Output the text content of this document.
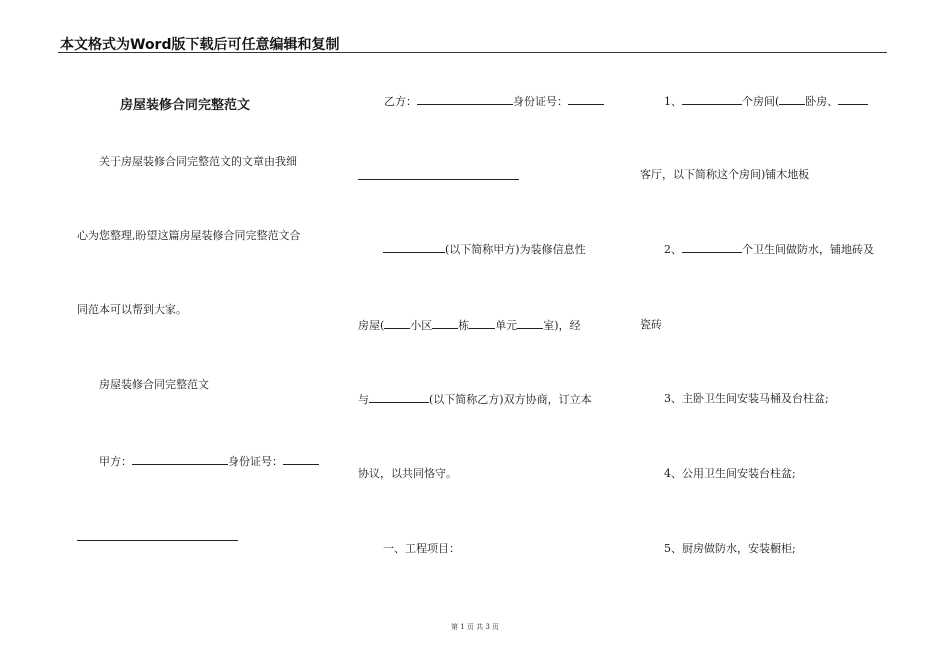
本文格式为Word版下载后可任意编辑和复制
房屋装修合同完整范文
关于房屋装修合同完整范文的文章由我细
心为您整理,盼望这篇房屋装修合同完整范文合
同范本可以帮到大家。
房屋装修合同完整范文
甲方：	身份证号：
乙方：	身份证号：
(以下简称甲方)为装修信息性
房屋( 小区 栋 单元 室)，经
与	(以下简称乙方)双方协商，订立本
协议，以共同恪守。
一、工程项目：
1、	个房间( 卧房、
客厅，以下简称这个房间)铺木地板
2、	个卫生间做防水，铺地砖及
瓷砖
3、主卧卫生间安装马桶及台柱盆;
4、公用卫生间安装台柱盆;
5、厨房做防水，安装橱柜;
第 1 页 共 3 页
